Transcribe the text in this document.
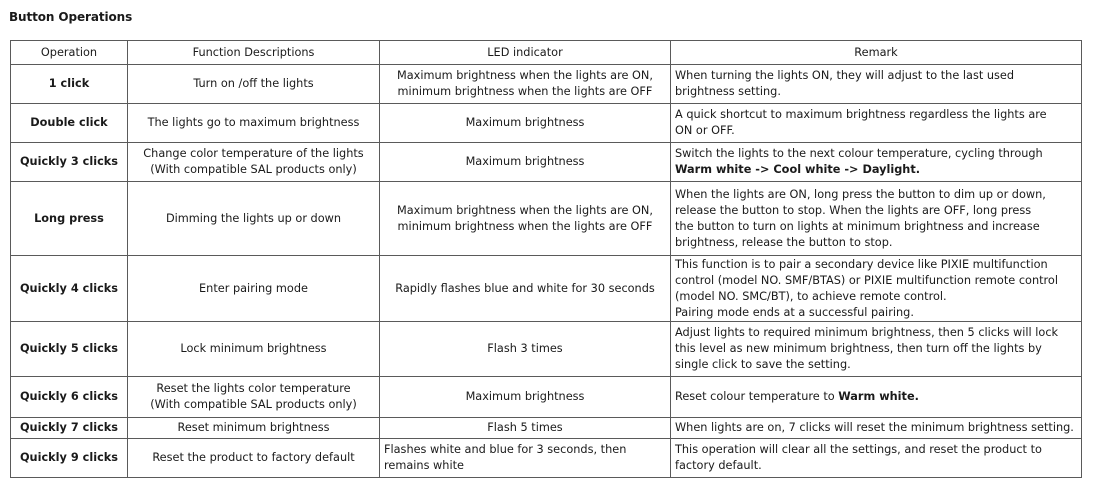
Button Operations
Operation	Function Descriptions	LED indicator	Remark
1 click	Turn on /off the lights	Maximum brightness when the lights are ON,
minimum brightness when the lights are OFF	When turning the lights ON, they will adjust to the last used
brightness setting.

Double click	The lights go to maximum brightness	Maximum brightness	A quick shortcut to maximum brightness regardless the lights are
ON or OFF.

Quickly 3 clicks	Change color temperature of the lights
(With compatible SAL products only)	Maximum brightness	Switch the lights to the next colour temperature, cycling through
Warm white -> Cool white -> Daylight.

Long press	Dimming the lights up or down	Maximum brightness when the lights are ON,
minimum brightness when the lights are OFF	When the lights are ON, long press the button to dim up or down,
release the button to stop. When the lights are OFF, long press
the button to turn on lights at minimum brightness and increase
brightness, release the button to stop.

Quickly 4 clicks	Enter pairing mode	Rapidly flashes blue and white for 30 seconds	This function is to pair a secondary device like PIXIE multifunction
control (model NO. SMF/BTAS) or PIXIE multifunction remote control
(model NO. SMC/BT), to achieve remote control.
Pairing mode ends at a successful pairing.

Quickly 5 clicks	Lock minimum brightness	Flash 3 times	Adjust lights to required minimum brightness, then 5 clicks will lock
this level as new minimum brightness, then turn off the lights by
single click to save the setting.

Quickly 6 clicks	Reset the lights color temperature
(With compatible SAL products only)	Maximum brightness	Reset colour temperature to Warm white.

Quickly 7 clicks	Reset minimum brightness	Flash 5 times	When lights are on, 7 clicks will reset the minimum brightness setting.

Quickly 9 clicks	Reset the product to factory default	Flashes white and blue for 3 seconds, then
remains white	This operation will clear all the settings, and reset the product to
factory default.
